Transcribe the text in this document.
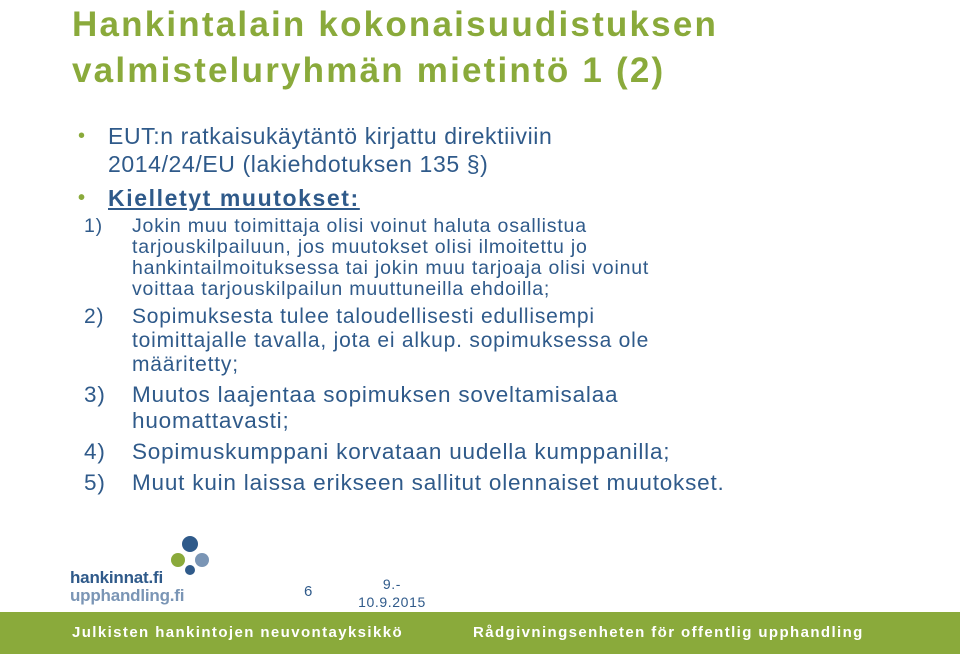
Hankintalain kokonaisuudistuksen
valmisteluryhmän mietintö 1 (2)
• EUT:n ratkaisukäytäntö kirjattu direktiiviin
2014/24/EU (lakiehdotuksen 135 §)
• Kielletyt muutokset:
1) Jokin muu toimittaja olisi voinut haluta osallistua
tarjouskilpailuun, jos muutokset olisi ilmoitettu jo
hankintailmoituksessa tai jokin muu tarjoaja olisi voinut
voittaa tarjouskilpailun muuttuneilla ehdoilla;
2) Sopimuksesta tulee taloudellisesti edullisempi
toimittajalle tavalla, jota ei alkup. sopimuksessa ole
määritetty;
3) Muutos laajentaa sopimuksen soveltamisalaa
huomattavasti;
4) Sopimuskumppani korvataan uudella kumppanilla;
5) Muut kuin laissa erikseen sallitut olennaiset muutokset.
hankinnat.fi
upphandling.fi	6	9.-
10.9.2015
Julkisten hankintojen neuvontayksikkö	Rådgivningsenheten för offentlig upphandling
